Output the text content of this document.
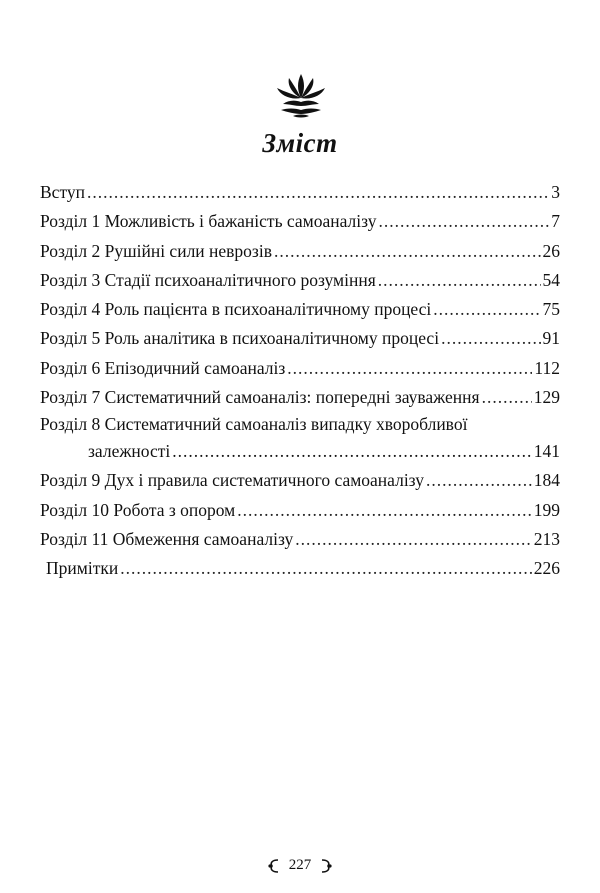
Зміст
Вступ .....	3
Розділ 1 Можливість і бажаність самоаналізу .....	7
Розділ 2 Рушійні сили неврозів .....	26
Розділ 3 Стадії психоаналітичного розуміння .....	54
Розділ 4 Роль пацієнта в психоаналітичному процесі .....	75
Розділ 5 Роль аналітика в психоаналітичному процесі .....	91
Розділ 6 Епізодичний самоаналіз .....	112
Розділ 7 Систематичний самоаналіз: попередні зауваження .....	129
Розділ 8 Систематичний самоаналіз випадку хворобливої
залежності .....	141
Розділ 9 Дух і правила систематичного самоаналізу .....	184
Розділ 10 Робота з опором .....	199
Розділ 11 Обмеження самоаналізу .....	213
Примітки .....	226
227
